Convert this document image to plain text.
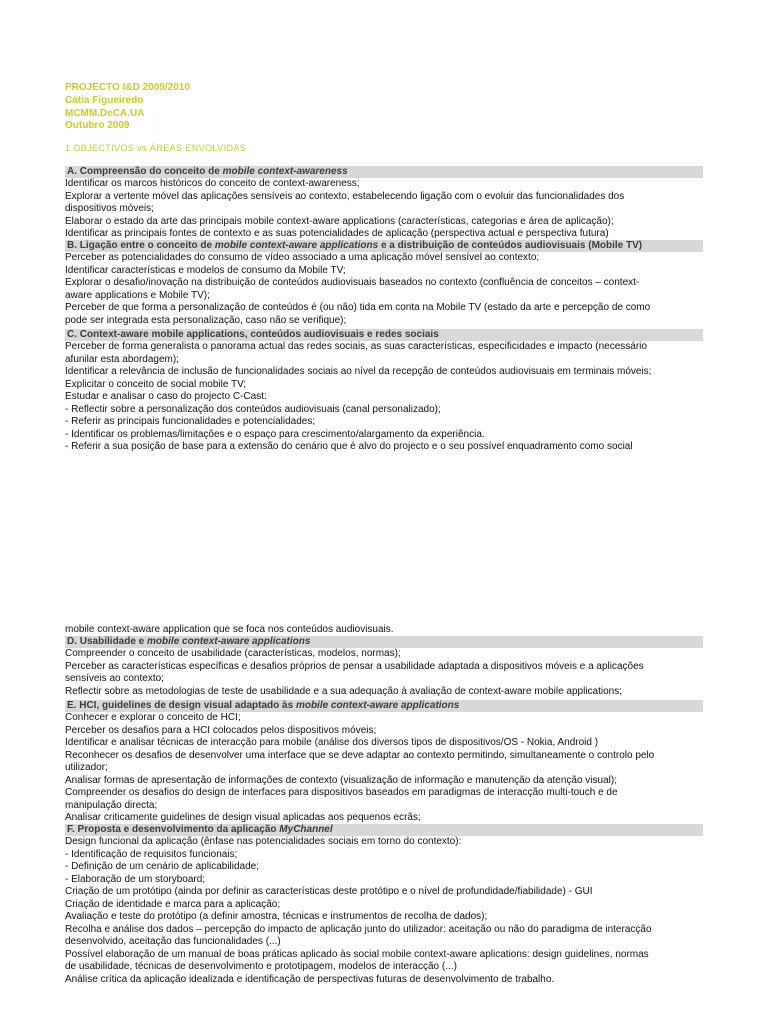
PROJECTO I&D 2009/2010
Cátia Figueiredo
MCMM.DeCA.UA
Outubro 2009
1 OBJECTIVOS vs ÁREAS ENVOLVIDAS
A. Compreensão do conceito de mobile context-awareness
Identificar os marcos históricos do conceito de context-awareness;
Explorar a vertente móvel das aplicações sensíveis ao contexto, estabelecendo ligação com o evoluir das funcionalidades dos
dispositivos móveis;
Elaborar o estado da arte das principais mobile context-aware applications (características, categorias e área de aplicação);
Identificar as principais fontes de contexto e as suas potencialidades de aplicação (perspectiva actual e perspectiva futura)
B. Ligação entre o conceito de mobile context-aware applications e a distribuição de conteúdos audiovisuais (Mobile TV)
Perceber as potencialidades do consumo de vídeo associado a uma aplicação móvel sensível ao contexto;
Identificar características e modelos de consumo da Mobile TV;
Explorar o desafio/inovação na distribuição de conteúdos audiovisuais baseados no contexto (confluência de conceitos – context-
aware applications e Mobile TV);
Perceber de que forma a personalização de conteúdos é (ou não) tida em conta na Mobile TV (estado da arte e percepção de como
pode ser integrada esta personalização, caso não se verifique);
C. Context-aware mobile applications, conteúdos audiovisuais e redes sociais
Perceber de forma generalista o panorama actual das redes sociais, as suas características, especificidades e impacto (necessário
afunilar esta abordagem);
Identificar a relevância de inclusão de funcionalidades sociais ao nível da recepção de conteúdos audiovisuais em terminais móveis;
Explicitar o conceito de social mobile TV;
Estudar e analisar o caso do projecto C-Cast:
- Reflectir sobre a personalização dos conteúdos audiovisuais (canal personalizado);
- Referir as principais funcionalidades e potencialidades;
- Identificar os problemas/limitações e o espaço para crescimento/alargamento da experiência.
- Referir a sua posição de base para a extensão do cenário que é alvo do projecto e o seu possível enquadramento como social
mobile context-aware application que se foca nos conteúdos audiovisuais.
D. Usabilidade e mobile context-aware applications
Compreender o conceito de usabilidade (características, modelos, normas);
Perceber as características específicas e desafios próprios de pensar a usabilidade adaptada a dispositivos móveis e a aplicações
sensíveis ao contexto;
Reflectir sobre as metodologias de teste de usabilidade e a sua adequação à avaliação de context-aware mobile applications;
E. HCI, guidelines de design visual adaptado às mobile context-aware applications
Conhecer e explorar o conceito de HCI;
Perceber os desafios para a HCI colocados pelos dispositivos móveis;
Identificar e analisar técnicas de interacção para mobile (análise dos diversos tipos de dispositivos/OS - Nokia, Android )
Reconhecer os desafios de desenvolver uma interface que se deve adaptar ao contexto permitindo, simultaneamente o controlo pelo
utilizador;
Analisar formas de apresentação de informações de contexto (visualização de informação e manutenção da atenção visual);
Compreender os desafios do design de interfaces para dispositivos baseados em paradigmas de interacção multi-touch e de
manipulação directa;
Analisar criticamente guidelines de design visual aplicadas aos pequenos ecrãs;
F. Proposta e desenvolvimento da aplicação MyChannel
Design funcional da aplicação (ênfase nas potencialidades sociais em torno do contexto):
- Identificação de requisitos funcionais;
- Definição de um cenário de aplicabilidade;
- Elaboração de um storyboard;
Criação de um protótipo (ainda por definir as características deste protótipo e o nível de profundidade/fiabilidade) - GUI
Criação de identidade e marca para a aplicação;
Avaliação e teste do protótipo (a definir amostra, técnicas e instrumentos de recolha de dados);
Recolha e análise dos dados – percepção do impacto de aplicação junto do utilizador: aceitação ou não do paradigma de interacção
desenvolvido, aceitação das funcionalidades (...)
Possível elaboração de um manual de boas práticas aplicado às social mobile context-aware aplications: design guidelines, normas
de usabilidade, técnicas de desenvolvimento e prototipagem, modelos de interacção (...)
Análise crítica da aplicação idealizada e identificação de perspectivas futuras de desenvolvimento de trabalho.
